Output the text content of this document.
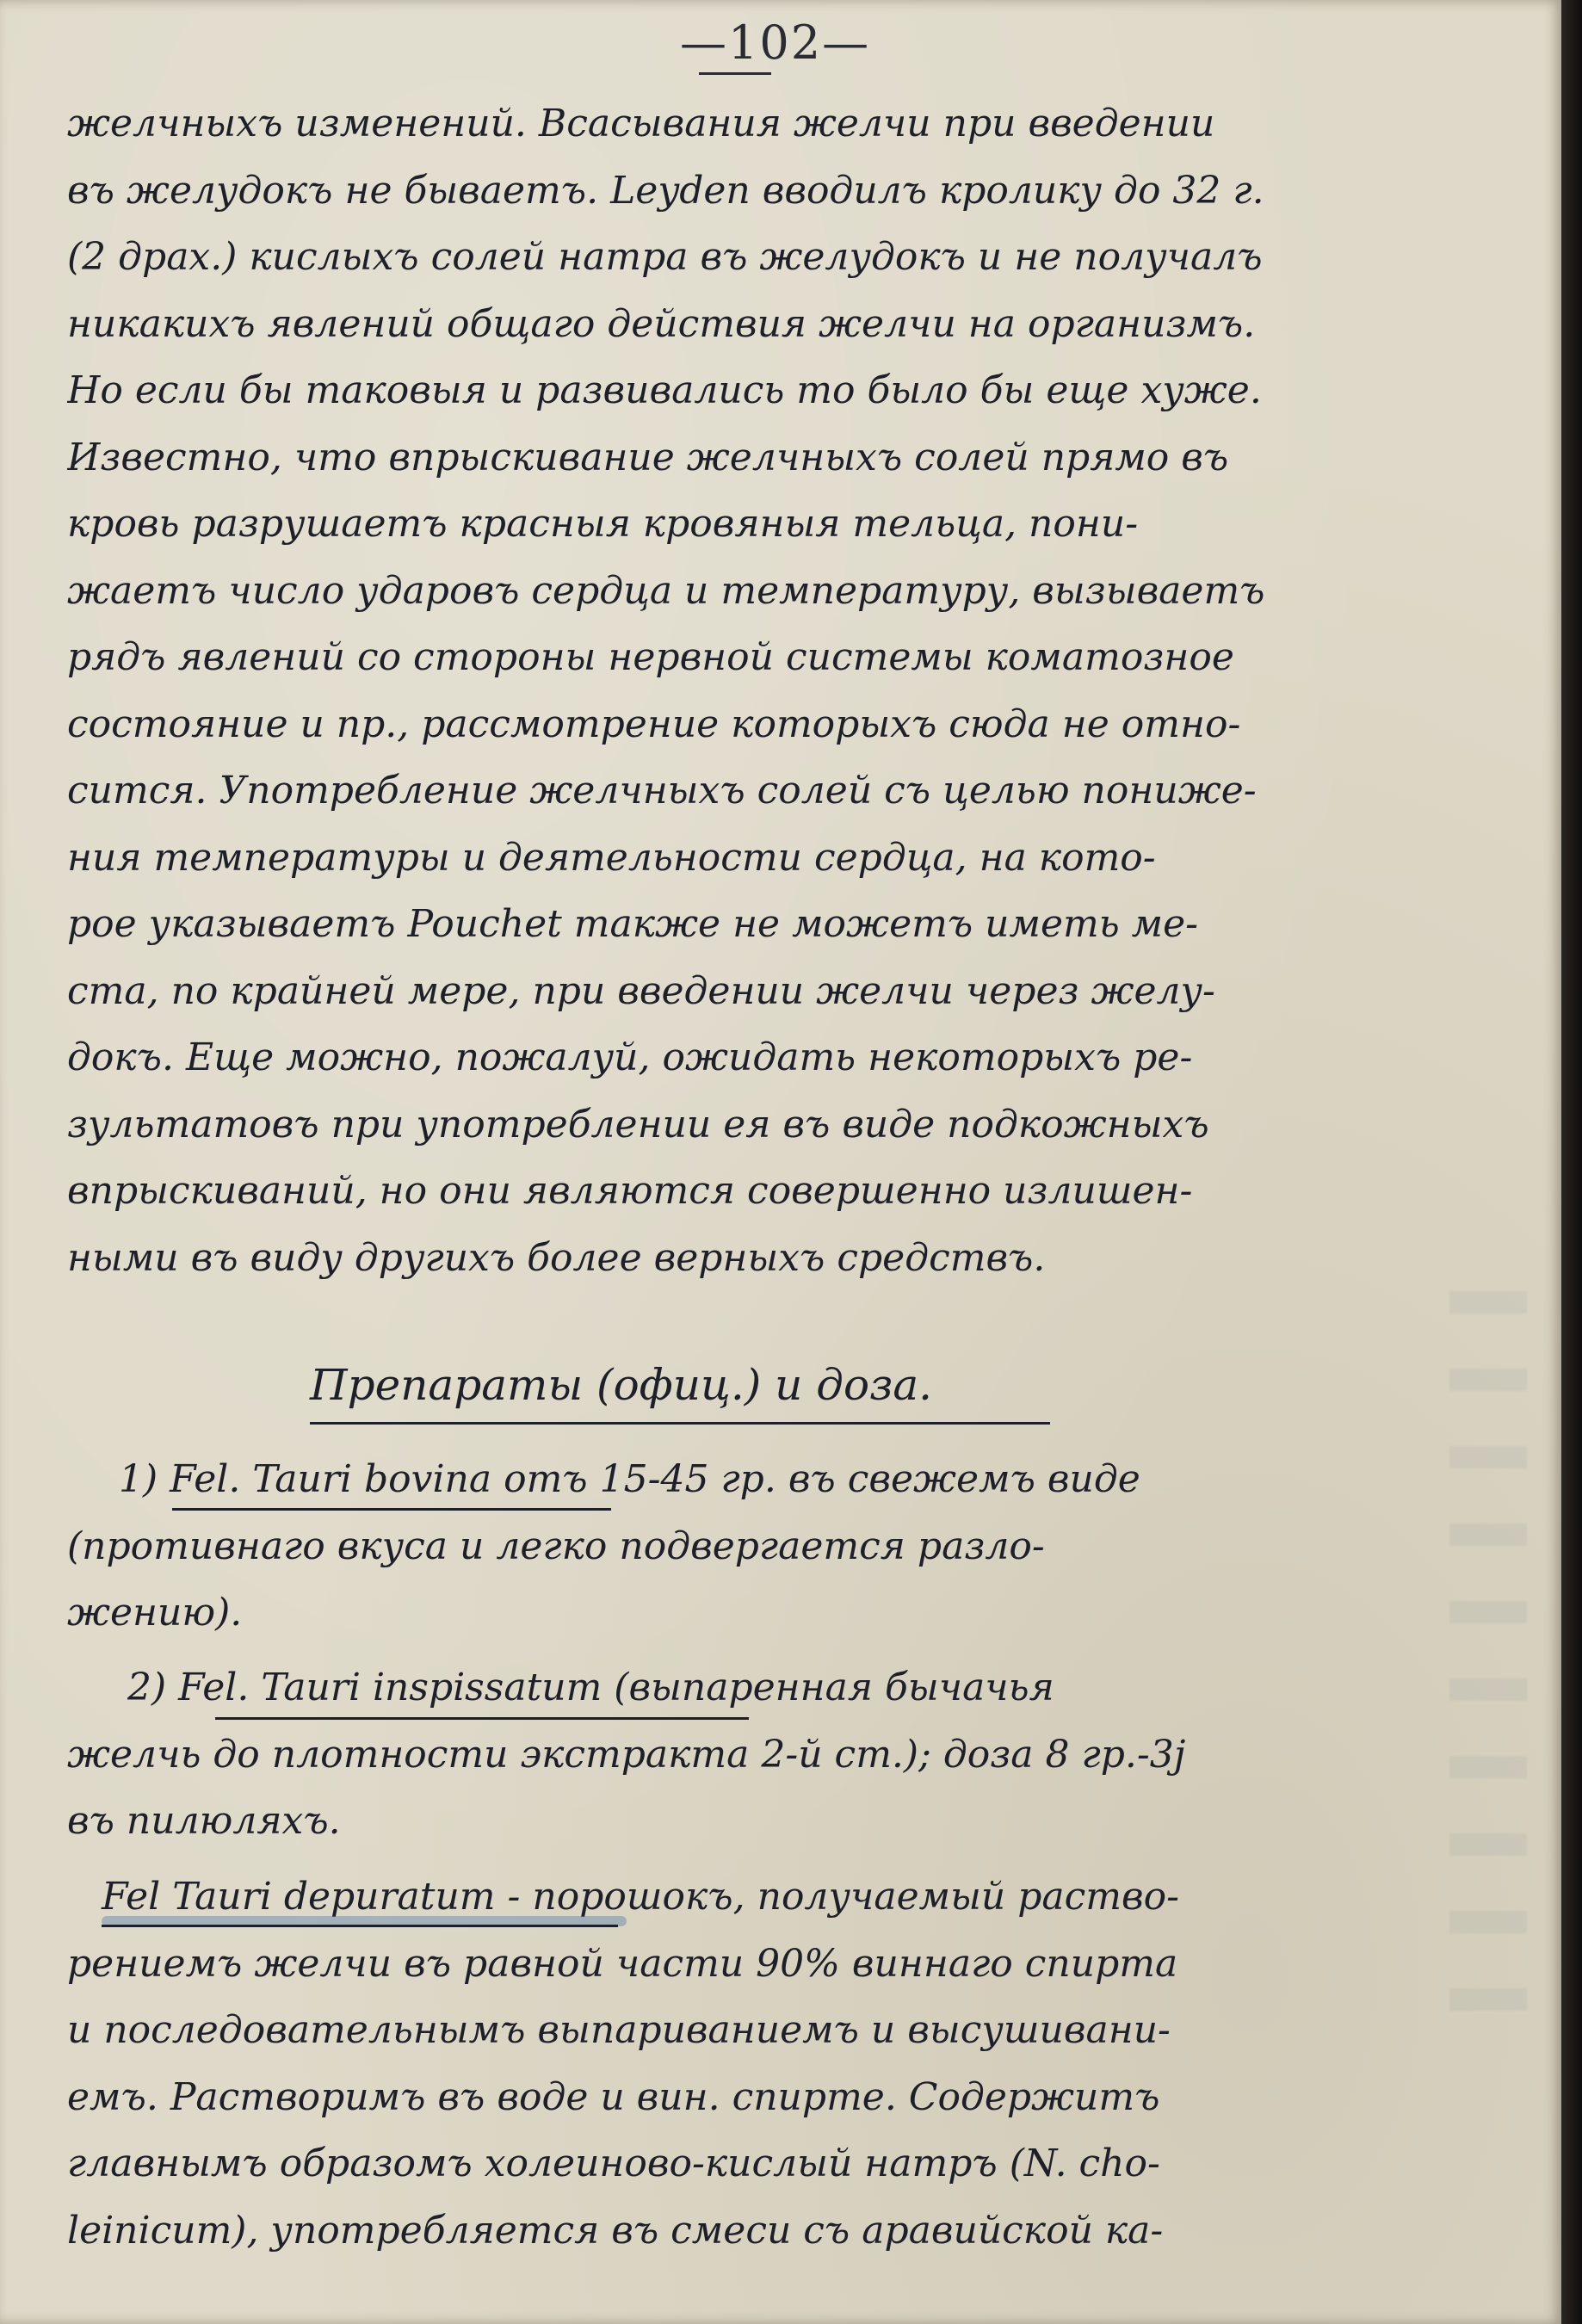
—102—
желчныхъ изменений. Всасывания желчи при введении
въ желудокъ не бываетъ. Leyden вводилъ кролику до 32 г.
(2 драх.) кислыхъ солей натра въ желудокъ и не получалъ
никакихъ явлений общаго действия желчи на организмъ.
Но если бы таковыя и развивались то было бы еще хуже.
Известно, что впрыскивание желчныхъ солей прямо въ
кровь разрушаетъ красныя кровяныя тельца, пони-
жаетъ число ударовъ сердца и температуру, вызываетъ
рядъ явлений со стороны нервной системы коматозное
состояние и пр., рассмотрение которыхъ сюда не отно-
сится. Употребление желчныхъ солей съ целью пониже-
ния температуры и деятельности сердца, на кото-
рое указываетъ Pouchet также не можетъ иметь ме-
ста, по крайней мере, при введении желчи через желу-
докъ. Еще можно, пожалуй, ожидать некоторыхъ ре-
зультатовъ при употреблении ея въ виде подкожныхъ
впрыскиваний, но они являются совершенно излишен-
ными въ виду другихъ более верныхъ средствъ.
Препараты (офиц.) и доза.
1) Fel. Tauri bovina отъ 15-45 гр. въ свежемъ виде
(противнаго вкуса и легко подвергается разло-
жению).
2) Fel. Tauri inspissatum (выпаренная бычачья
желчь до плотности экстракта 2-й ст.); доза 8 гр.-3j
въ пилюляхъ.
Fel Tauri depuratum - порошокъ, получаемый раство-
рениемъ желчи въ равной части 90% виннаго спирта
и последовательнымъ выпариваниемъ и высушивани-
емъ. Растворимъ въ воде и вин. спирте. Содержитъ
главнымъ образомъ холеиново-кислый натръ (N. cho-
leinicum), употребляется въ смеси съ аравийской ка-
